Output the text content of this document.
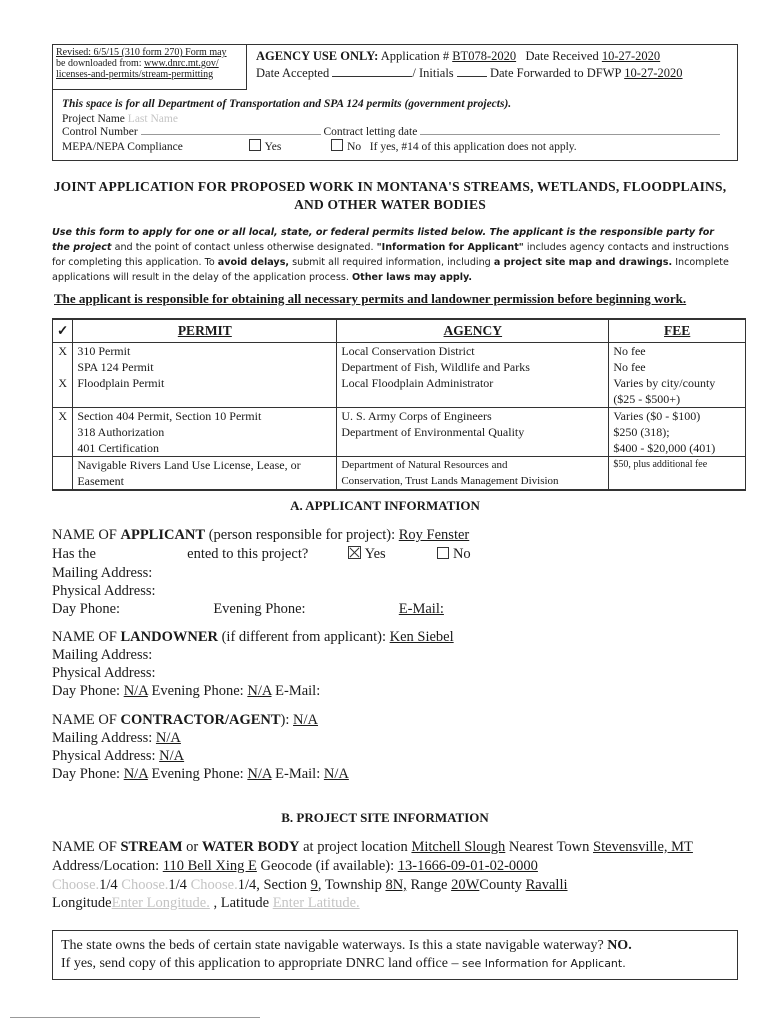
Revised: 6/5/15 (310 form 270) Form may
be downloaded from: www.dnrc.mt.gov/
licenses-and-permits/stream-permitting
AGENCY USE ONLY: Application # BT078-2020 Date Received 10-27-2020
Date Accepted	/ Initials	Date Forwarded to DFWP 10-27-2020
This space is for all Department of Transportation and SPA 124 permits (government projects).
Project Name Last Name
Control Number	Contract letting date
MEPA/NEPA Compliance	Yes	No If yes, #14 of this application does not apply.
JOINT APPLICATION FOR PROPOSED WORK IN MONTANA'S STREAMS, WETLANDS, FLOODPLAINS,
AND OTHER WATER BODIES
Use this form to apply for one or all local, state, or federal permits listed below. The applicant is the responsible party for the project and the point of contact unless otherwise designated. "Information for Applicant" includes agency contacts and instructions for completing this application. To avoid delays, submit all required information, including a project site map and drawings. Incomplete applications will result in the delay of the application process. Other laws may apply.
The applicant is responsible for obtaining all necessary permits and landowner permission before beginning work.
✓	PERMIT	AGENCY	FEE
X	310 Permit	Local Conservation District	No fee
	SPA 124 Permit	Department of Fish, Wildlife and Parks	No fee
X	Floodplain Permit	Local Floodplain Administrator	Varies by city/county
			($25 - $500+)
X	Section 404 Permit, Section 10 Permit	U. S. Army Corps of Engineers	Varies ($0 - $100)
	318 Authorization	Department of Environmental Quality	$250 (318);
	401 Certification		$400 - $20,000 (401)
	Navigable Rivers Land Use License, Lease, or	Department of Natural Resources and	$50, plus additional fee
	Easement	Conservation, Trust Lands Management Division	
A. APPLICANT INFORMATION
NAME OF APPLICANT (person responsible for project): Roy Fenster
Has the	ented to this project?	Yes	No
Mailing Address:
Physical Address:
Day Phone:	Evening Phone:	E-Mail:
NAME OF LANDOWNER (if different from applicant): Ken Siebel
Mailing Address:
Physical Address:
Day Phone: N/A Evening Phone: N/A E-Mail:
NAME OF CONTRACTOR/AGENT): N/A
Mailing Address: N/A
Physical Address: N/A
Day Phone: N/A Evening Phone: N/A E-Mail: N/A
B. PROJECT SITE INFORMATION
NAME OF STREAM or WATER BODY at project location Mitchell Slough Nearest Town Stevensville, MT
Address/Location: 110 Bell Xing E Geocode (if available): 13-1666-09-01-02-0000
Choose.1/4 Choose.1/4 Choose.1/4, Section 9, Township 8N, Range 20WCounty Ravalli
LongitudeEnter Longitude. , Latitude Enter Latitude.
The state owns the beds of certain state navigable waterways. Is this a state navigable waterway? NO.
If yes, send copy of this application to appropriate DNRC land office – see Information for Applicant.
